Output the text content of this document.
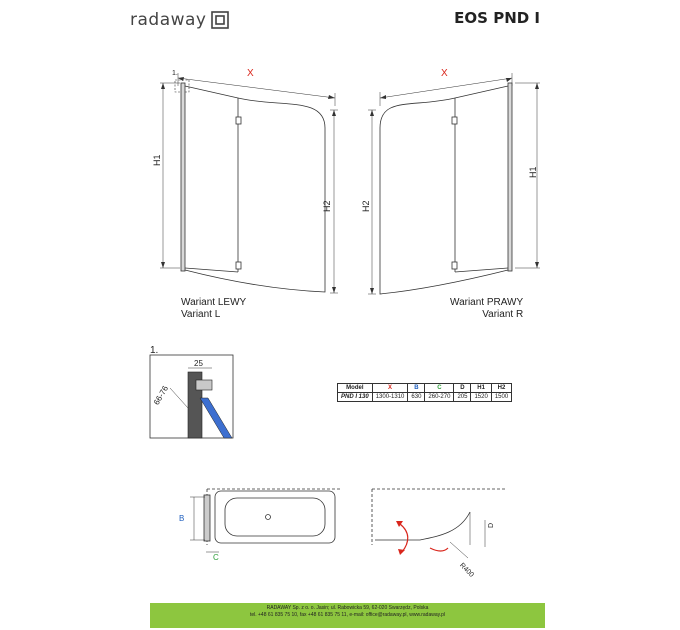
radaway	EOS PND I
X	X
H1
H2	H2
H1
1.
Wariant LEWY
Variant L
Wariant PRAWY
Variant R
1.
25
66-76	Model	X	B	C	D	H1	H2
PND I 130	1300-1310	630	260-270	205	1520	1500
B
C
D
R400
RADAWAY Sp. z o. o. Jasin; ul. Rabowicka 59, 62-020 Swarzędz, Polska
tel. +48 61 835 75 10, fax +48 61 835 75 11, e-mail: office@radaway.pl, www.radaway.pl
